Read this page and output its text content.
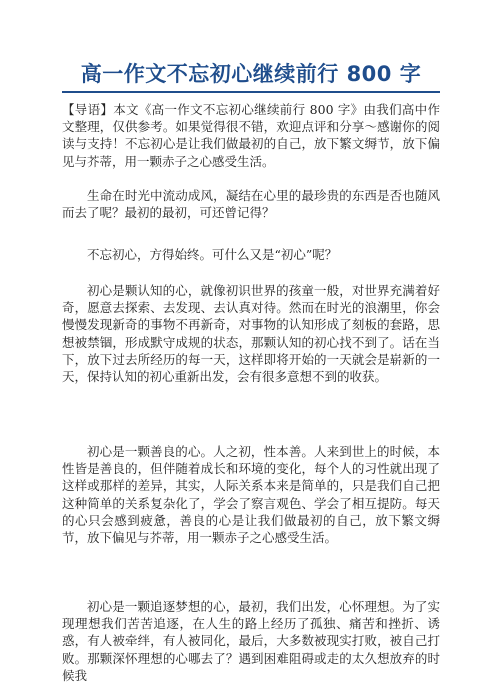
高一作文不忘初心继续前行 800 字

【导语】本文《高一作文不忘初心继续前行 800 字》由我们高中作文整理，仅供参考。如果觉得很不错，欢迎点评和分享～感谢你的阅读与支持！不忘初心是让我们做最初的自己，放下繁文缛节，放下偏见与芥蒂，用一颗赤子之心感受生活。

生命在时光中流动成风，凝结在心里的最珍贵的东西是否也随风而去了呢？最初的最初，可还曾记得？

不忘初心，方得始终。可什么又是“初心”呢？

初心是颗认知的心，就像初识世界的孩童一般，对世界充满着好奇，愿意去探索、去发现、去认真对待。然而在时光的浪潮里，你会慢慢发现新奇的事物不再新奇，对事物的认知形成了刻板的套路，思想被禁锢，形成默守成规的状态，那颗认知的初心找不到了。话在当下，放下过去所经历的每一天，这样即将开始的一天就会是崭新的一天，保持认知的初心重新出发，会有很多意想不到的收获。

初心是一颗善良的心。人之初，性本善。人来到世上的时候，本性皆是善良的，但伴随着成长和环境的变化，每个人的习性就出现了这样或那样的差异，其实，人际关系本来是简单的，只是我们自己把这种简单的关系复杂化了，学会了察言观色、学会了相互提防。每天的心只会感到疲惫，善良的心是让我们做最初的自己，放下繁文缛节，放下偏见与芥蒂，用一颗赤子之心感受生活。

初心是一颗追逐梦想的心，最初，我们出发，心怀理想。为了实现理想我们苦苦追逐，在人生的路上经历了孤独、痛苦和挫折、诱惑，有人被牵绊，有人被同化，最后，大多数被现实打败，被自己打败。那颗深怀理想的心哪去了？遇到困难阻碍或走的太久想放弃的时候我
